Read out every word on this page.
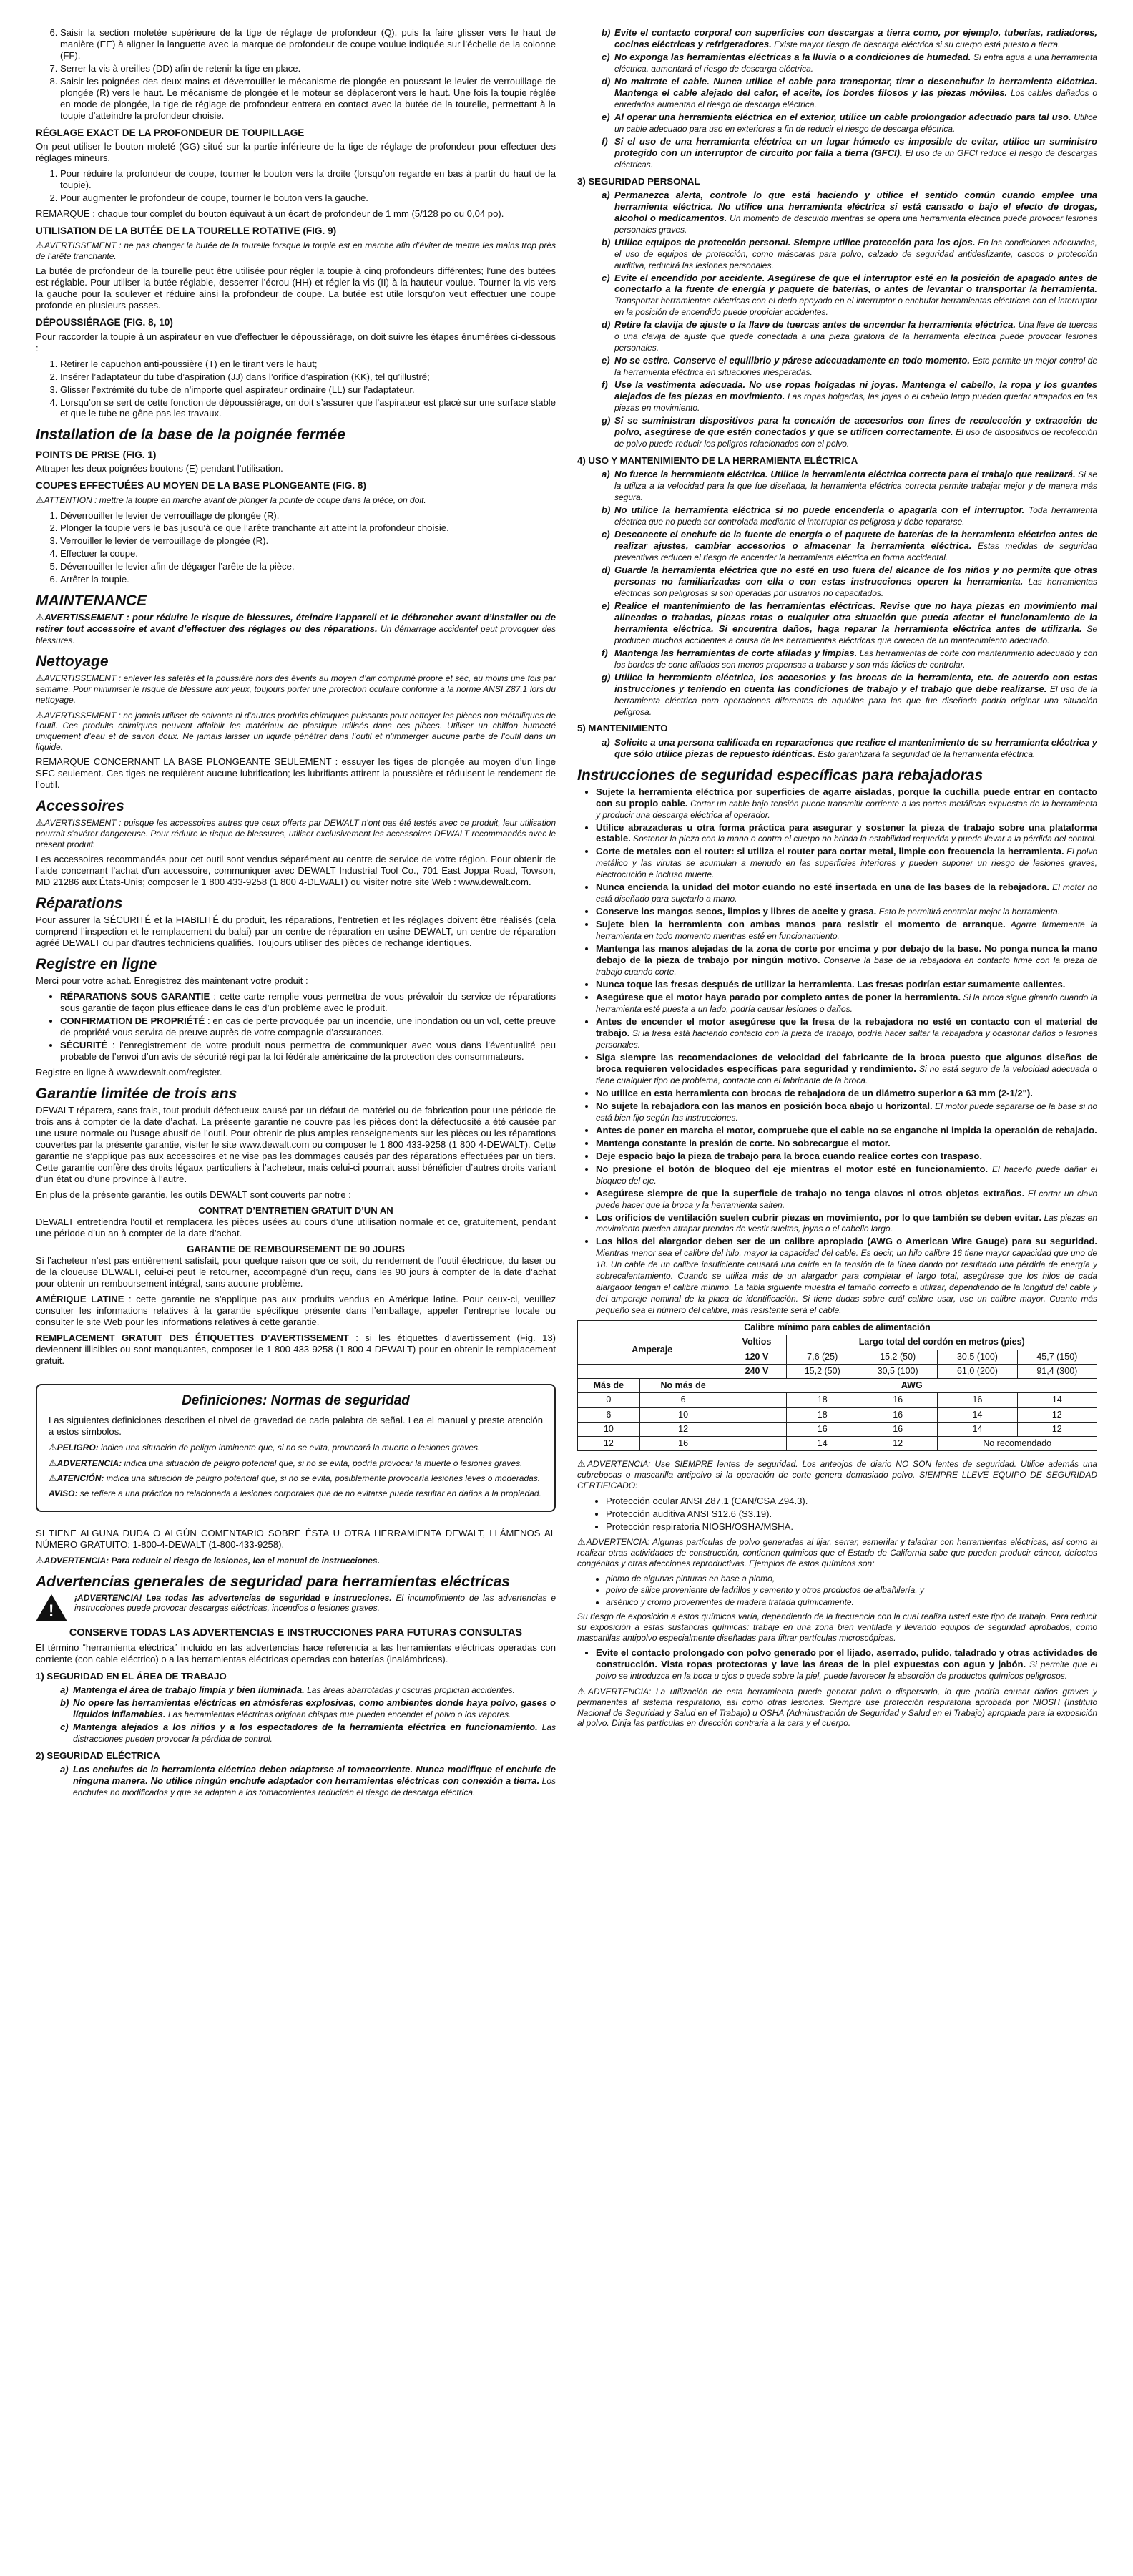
6. Saisir la section moletée supérieure de la tige de réglage de profondeur (Q), puis la faire glisser vers le haut de manière (EE) à aligner la languette avec la marque de profondeur de coupe voulue indiquée sur l’échelle de la colonne (FF).
7. Serrer la vis à oreilles (DD) afin de retenir la tige en place.
8. Saisir les poignées des deux mains et déverrouiller le mécanisme de plongée en poussant le levier de verrouillage de plongée (R) vers le haut. Le mécanisme de plongée et le moteur se déplaceront vers le haut. Une fois la toupie réglée en mode de plongée, la tige de réglage de profondeur entrera en contact avec la butée de la tourelle, permettant à la toupie d’atteindre la profondeur choisie.
RÉGLAGE EXACT DE LA PROFONDEUR DE TOUPILLAGE

On peut utiliser le bouton moleté (GG) situé sur la partie inférieure de la tige de réglage de profondeur pour effectuer des réglages mineurs.

1. Pour réduire la profondeur de coupe, tourner le bouton vers la droite (lorsqu’on regarde en bas à partir du haut de la toupie).
2. Pour augmenter le profondeur de coupe, tourner le bouton vers la gauche.

REMARQUE : chaque tour complet du bouton équivaut à un écart de profondeur de 1 mm (5/128 po ou 0,04 po).

UTILISATION DE LA BUTÉE DE LA TOURELLE ROTATIVE (FIG. 9)

⚠AVERTISSEMENT : ne pas changer la butée de la tourelle lorsque la toupie est en marche afin d’éviter de mettre les mains trop près de l’arête tranchante.

La butée de profondeur de la tourelle peut être utilisée pour régler la toupie à cinq profondeurs différentes; l’une des butées est réglable. Pour utiliser la butée réglable, desserrer l’écrou (HH) et régler la vis (II) à la hauteur voulue. Tourner la vis vers la gauche pour la soulever et réduire ainsi la profondeur de coupe. La butée est utile lorsqu’on veut effectuer une coupe profonde en plusieurs passes.

DÉPOUSSIÉRAGE (FIG. 8, 10)

Pour raccorder la toupie à un aspirateur en vue d’effectuer le dépoussiérage, on doit suivre les étapes énumérées ci-dessous :

1. Retirer le capuchon anti-poussière (T) en le tirant vers le haut;
2. Insérer l’adaptateur du tube d’aspiration (JJ) dans l’orifice d’aspiration (KK), tel qu’illustré;
3. Glisser l’extrémité du tube de n’importe quel aspirateur ordinaire (LL) sur l’adaptateur.
4. Lorsqu’on se sert de cette fonction de dépoussiérage, on doit s’assurer que l’aspirateur est placé sur une surface stable et que le tube ne gêne pas les travaux.
Installation de la base de la poignée fermée
POINTS DE PRISE (FIG. 1)

Attraper les deux poignées boutons (E) pendant l’utilisation.

COUPES EFFECTUÉES AU MOYEN DE LA BASE PLONGEANTE (FIG. 8)

⚠ATTENTION : mettre la toupie en marche avant de plonger la pointe de coupe dans la pièce, on doit.

1. Déverrouiller le levier de verrouillage de plongée (R).
2. Plonger la toupie vers le bas jusqu’à ce que l’arête tranchante ait atteint la profondeur choisie.
3. Verrouiller le levier de verrouillage de plongée (R).
4. Effectuer la coupe.
5. Déverrouiller le levier afin de dégager l’arête de la pièce.
6. Arrêter la toupie.
MAINTENANCE

⚠AVERTISSEMENT : pour réduire le risque de blessures, éteindre l’appareil et le débrancher avant d’installer ou de retirer tout accessoire et avant d’effectuer des réglages ou des réparations. Un démarrage accidentel peut provoquer des blessures.

Nettoyage

⚠AVERTISSEMENT : enlever les saletés et la poussière hors des évents au moyen d’air comprimé propre et sec, au moins une fois par semaine. Pour minimiser le risque de blessure aux yeux, toujours porter une protection oculaire conforme à la norme ANSI Z87.1 lors du nettoyage.

⚠AVERTISSEMENT : ne jamais utiliser de solvants ni d’autres produits chimiques puissants pour nettoyer les pièces non métalliques de l’outil. Ces produits chimiques peuvent affaiblir les matériaux de plastique utilisés dans ces pièces. Utiliser un chiffon humecté uniquement d’eau et de savon doux. Ne jamais laisser un liquide pénétrer dans l’outil et n’immerger aucune partie de l’outil dans un liquide.

REMARQUE CONCERNANT LA BASE PLONGEANTE SEULEMENT : essuyer les tiges de plongée au moyen d’un linge SEC seulement. Ces tiges ne requièrent aucune lubrification; les lubrifiants attirent la poussière et réduisent le rendement de l’outil.

Accessoires

⚠AVERTISSEMENT : puisque les accessoires autres que ceux offerts par DEWALT n’ont pas été testés avec ce produit, leur utilisation pourrait s’avérer dangereuse. Pour réduire le risque de blessures, utiliser exclusivement les accessoires DEWALT recommandés avec le présent produit.

Les accessoires recommandés pour cet outil sont vendus séparément au centre de service de votre région. Pour obtenir de l’aide concernant l’achat d’un accessoire, communiquer avec DEWALT Industrial Tool Co., 701 East Joppa Road, Towson, MD 21286 aux États-Unis; composer le 1 800 433-9258 (1 800 4-DEWALT) ou visiter notre site Web : www.dewalt.com.

Réparations

Pour assurer la SÉCURITÉ et la FIABILITÉ du produit, les réparations, l’entretien et les réglages doivent être réalisés (cela comprend l’inspection et le remplacement du balai) par un centre de réparation en usine DEWALT, un centre de réparation agréé DEWALT ou par d’autres techniciens qualifiés. Toujours utiliser des pièces de rechange identiques.

Registre en ligne

Merci pour votre achat. Enregistrez dès maintenant votre produit :

• RÉPARATIONS SOUS GARANTIE : cette carte remplie vous permettra de vous prévaloir du service de réparations sous garantie de façon plus efficace dans le cas d’un problème avec le produit.
• CONFIRMATION DE PROPRIÉTÉ : en cas de perte provoquée par un incendie, une inondation ou un vol, cette preuve de propriété vous servira de preuve auprès de votre compagnie d’assurances.
• SÉCURITÉ : l’enregistrement de votre produit nous permettra de communiquer avec vous dans l’éventualité peu probable de l’envoi d’un avis de sécurité régi par la loi fédérale américaine de la protection des consommateurs.

Registre en ligne à www.dewalt.com/register.

Garantie limitée de trois ans

DEWALT réparera, sans frais, tout produit défectueux causé par un défaut de matériel ou de fabrication pour une période de trois ans à compter de la date d’achat. La présente garantie ne couvre pas les pièces dont la défectuosité a été causée par une usure normale ou l’usage abusif de l’outil. Pour obtenir de plus amples renseignements sur les pièces ou les réparations couvertes par la présente garantie, visiter le site www.dewalt.com ou composer le 1 800 433-9258 (1 800 4-DEWALT). Cette garantie ne s’applique pas aux accessoires et ne vise pas les dommages causés par des réparations effectuées par un tiers. Cette garantie confère des droits légaux particuliers à l’acheteur, mais celui-ci pourrait aussi bénéficier d’autres droits variant d’un état ou d’une province à l’autre.

En plus de la présente garantie, les outils DEWALT sont couverts par notre :

CONTRAT D’ENTRETIEN GRATUIT D’UN AN

DEWALT entretiendra l’outil et remplacera les pièces usées au cours d’une utilisation normale et ce, gratuitement, pendant une période d’un an à compter de la date d’achat.

GARANTIE DE REMBOURSEMENT DE 90 JOURS

Si l’acheteur n’est pas entièrement satisfait, pour quelque raison que ce soit, du rendement de l’outil électrique, du laser ou de la cloueuse DEWALT, celui-ci peut le retourner, accompagné d’un reçu, dans les 90 jours à compter de la date d’achat pour obtenir un remboursement intégral, sans aucune problème.

AMÉRIQUE LATINE : cette garantie ne s’applique pas aux produits vendus en Amérique latine. Pour ceux-ci, veuillez consulter les informations relatives à la garantie spécifique présente dans l’emballage, appeler l’entreprise locale ou consulter le site Web pour les informations relatives à cette garantie.

REMPLACEMENT GRATUIT DES ÉTIQUETTES D’AVERTISSEMENT : si les étiquettes d’avertissement (Fig. 13) deviennent illisibles ou sont manquantes, composer le 1 800 433-9258 (1 800 4-DEWALT) pour en obtenir le remplacement gratuit.

Definiciones: Normas de seguridad

Las siguientes definiciones describen el nivel de gravedad de cada palabra de señal. Lea el manual y preste atención a estos símbolos.

⚠PELIGRO: indica una situación de peligro inminente que, si no se evita, provocará la muerte o lesiones graves.

⚠ADVERTENCIA: indica una situación de peligro potencial que, si no se evita, podría provocar la muerte o lesiones graves.

⚠ATENCIÓN: indica una situación de peligro potencial que, si no se evita, posiblemente provocaría lesiones leves o moderadas.

AVISO: se refiere a una práctica no relacionada a lesiones corporales que de no evitarse puede resultar en daños a la propiedad.

SI TIENE ALGUNA DUDA O ALGÚN COMENTARIO SOBRE ÉSTA U OTRA HERRAMIENTA DEWALT, LLÁMENOS AL NÚMERO GRATUITO: 1-800-4-DEWALT (1-800-433-9258).

⚠ADVERTENCIA: Para reducir el riesgo de lesiones, lea el manual de instrucciones.

Advertencias generales de seguridad para herramientas eléctricas
!

¡ADVERTENCIA! Lea todas las advertencias de seguridad e instrucciones. El incumplimiento de las advertencias e instrucciones puede provocar descargas eléctricas, incendios o lesiones graves.

CONSERVE TODAS LAS ADVERTENCIAS E INSTRUCCIONES PARA FUTURAS CONSULTAS

El término “herramienta eléctrica” incluido en las advertencias hace referencia a las herramientas eléctricas operadas con corriente (con cable eléctrico) o a las herramientas eléctricas operadas con baterías (inalámbricas).

1) SEGURIDAD EN EL ÁREA DE TRABAJO
a) Mantenga el área de trabajo limpia y bien iluminada. Las áreas abarrotadas y oscuras propician accidentes.
b) No opere las herramientas eléctricas en atmósferas explosivas, como ambientes donde haya polvo, gases o líquidos inflamables. Las herramientas eléctricas originan chispas que pueden encender el polvo o los vapores.
c) Mantenga alejados a los niños y a los espectadores de la herramienta eléctrica en funcionamiento. Las distracciones pueden provocar la pérdida de control.
2) SEGURIDAD ELÉCTRICA
a) Los enchufes de la herramienta eléctrica deben adaptarse al tomacorriente. Nunca modifique el enchufe de ninguna manera. No utilice ningún enchufe adaptador con herramientas eléctricas con conexión a tierra. Los enchufes no modificados y que se adaptan a los tomacorrientes reducirán el riesgo de descarga eléctrica.
b) Evite el contacto corporal con superficies con descargas a tierra como, por ejemplo, tuberías, radiadores, cocinas eléctricas y refrigeradores. Existe mayor riesgo de descarga eléctrica si su cuerpo está puesto a tierra.
c) No exponga las herramientas eléctricas a la lluvia o a condiciones de humedad. Si entra agua a una herramienta eléctrica, aumentará el riesgo de descarga eléctrica.
d) No maltrate el cable. Nunca utilice el cable para transportar, tirar o desenchufar la herramienta eléctrica. Mantenga el cable alejado del calor, el aceite, los bordes filosos y las piezas móviles. Los cables dañados o enredados aumentan el riesgo de descarga eléctrica.
e) Al operar una herramienta eléctrica en el exterior, utilice un cable prolongador adecuado para tal uso. Utilice un cable adecuado para uso en exteriores a fin de reducir el riesgo de descarga eléctrica.
f) Si el uso de una herramienta eléctrica en un lugar húmedo es imposible de evitar, utilice un suministro protegido con un interruptor de circuito por falla a tierra (GFCI). El uso de un GFCI reduce el riesgo de descargas eléctricas.
3) SEGURIDAD PERSONAL
a) Permanezca alerta, controle lo que está haciendo y utilice el sentido común cuando emplee una herramienta eléctrica. No utilice una herramienta eléctrica si está cansado o bajo el efecto de drogas, alcohol o medicamentos. Un momento de descuido mientras se opera una herramienta eléctrica puede provocar lesiones personales graves.
b) Utilice equipos de protección personal. Siempre utilice protección para los ojos. En las condiciones adecuadas, el uso de equipos de protección, como máscaras para polvo, calzado de seguridad antideslizante, cascos o protección auditiva, reducirá las lesiones personales.
c) Evite el encendido por accidente. Asegúrese de que el interruptor esté en la posición de apagado antes de conectarlo a la fuente de energía y paquete de baterías, o antes de levantar o transportar la herramienta. Transportar herramientas eléctricas con el dedo apoyado en el interruptor o enchufar herramientas eléctricas con el interruptor en la posición de encendido puede propiciar accidentes.
d) Retire la clavija de ajuste o la llave de tuercas antes de encender la herramienta eléctrica. Una llave de tuercas o una clavija de ajuste que quede conectada a una pieza giratoria de la herramienta eléctrica puede provocar lesiones personales.
e) No se estire. Conserve el equilibrio y párese adecuadamente en todo momento. Esto permite un mejor control de la herramienta eléctrica en situaciones inesperadas.
f) Use la vestimenta adecuada. No use ropas holgadas ni joyas. Mantenga el cabello, la ropa y los guantes alejados de las piezas en movimiento. Las ropas holgadas, las joyas o el cabello largo pueden quedar atrapados en las piezas en movimiento.
g) Si se suministran dispositivos para la conexión de accesorios con fines de recolección y extracción de polvo, asegúrese de que estén conectados y que se utilicen correctamente. El uso de dispositivos de recolección de polvo puede reducir los peligros relacionados con el polvo.
4) USO Y MANTENIMIENTO DE LA HERRAMIENTA ELÉCTRICA
a) No fuerce la herramienta eléctrica. Utilice la herramienta eléctrica correcta para el trabajo que realizará. Si se la utiliza a la velocidad para la que fue diseñada, la herramienta eléctrica correcta permite trabajar mejor y de manera más segura.
b) No utilice la herramienta eléctrica si no puede encenderla o apagarla con el interruptor. Toda herramienta eléctrica que no pueda ser controlada mediante el interruptor es peligrosa y debe repararse.
c) Desconecte el enchufe de la fuente de energía o el paquete de baterías de la herramienta eléctrica antes de realizar ajustes, cambiar accesorios o almacenar la herramienta eléctrica. Estas medidas de seguridad preventivas reducen el riesgo de encender la herramienta eléctrica en forma accidental.
d) Guarde la herramienta eléctrica que no esté en uso fuera del alcance de los niños y no permita que otras personas no familiarizadas con ella o con estas instrucciones operen la herramienta. Las herramientas eléctricas son peligrosas si son operadas por usuarios no capacitados.
e) Realice el mantenimiento de las herramientas eléctricas. Revise que no haya piezas en movimiento mal alineadas o trabadas, piezas rotas o cualquier otra situación que pueda afectar el funcionamiento de la herramienta eléctrica. Si encuentra daños, haga reparar la herramienta eléctrica antes de utilizarla. Se producen muchos accidentes a causa de las herramientas eléctricas que carecen de un mantenimiento adecuado.
f) Mantenga las herramientas de corte afiladas y limpias. Las herramientas de corte con mantenimiento adecuado y con los bordes de corte afilados son menos propensas a trabarse y son más fáciles de controlar.
g) Utilice la herramienta eléctrica, los accesorios y las brocas de la herramienta, etc. de acuerdo con estas instrucciones y teniendo en cuenta las condiciones de trabajo y el trabajo que debe realizarse. El uso de la herramienta eléctrica para operaciones diferentes de aquéllas para las que fue diseñada podría originar una situación peligrosa.
5) MANTENIMIENTO
a) Solicite a una persona calificada en reparaciones que realice el mantenimiento de su herramienta eléctrica y que sólo utilice piezas de repuesto idénticas. Esto garantizará la seguridad de la herramienta eléctrica.
Instrucciones de seguridad específicas para rebajadoras
• Sujete la herramienta eléctrica por superficies de agarre aisladas, porque la cuchilla puede entrar en contacto con su propio cable. Cortar un cable bajo tensión puede transmitir corriente a las partes metálicas expuestas de la herramienta y producir una descarga eléctrica al operador.
• Utilice abrazaderas u otra forma práctica para asegurar y sostener la pieza de trabajo sobre una plataforma estable. Sostener la pieza con la mano o contra el cuerpo no brinda la estabilidad requerida y puede llevar a la pérdida del control.
• Corte de metales con el router: si utiliza el router para cortar metal, limpie con frecuencia la herramienta. El polvo metálico y las virutas se acumulan a menudo en las superficies interiores y pueden suponer un riesgo de lesiones graves, electrocución e incluso muerte.
• Nunca encienda la unidad del motor cuando no esté insertada en una de las bases de la rebajadora. El motor no está diseñado para sujetarlo a mano.
• Conserve los mangos secos, limpios y libres de aceite y grasa. Esto le permitirá controlar mejor la herramienta.
• Sujete bien la herramienta con ambas manos para resistir el momento de arranque. Agarre firmemente la herramienta en todo momento mientras esté en funcionamiento.
• Mantenga las manos alejadas de la zona de corte por encima y por debajo de la base. No ponga nunca la mano debajo de la pieza de trabajo por ningún motivo. Conserve la base de la rebajadora en contacto firme con la pieza de trabajo cuando corte.
• Nunca toque las fresas después de utilizar la herramienta. Las fresas podrían estar sumamente calientes.
• Asegúrese que el motor haya parado por completo antes de poner la herramienta. Si la broca sigue girando cuando la herramienta esté puesta a un lado, podría causar lesiones o daños.
• Antes de encender el motor asegúrese que la fresa de la rebajadora no esté en contacto con el material de trabajo. Si la fresa está haciendo contacto con la pieza de trabajo, podría hacer saltar la rebajadora y ocasionar daños o lesiones personales.
• Siga siempre las recomendaciones de velocidad del fabricante de la broca puesto que algunos diseños de broca requieren velocidades específicas para seguridad y rendimiento. Si no está seguro de la velocidad adecuada o tiene cualquier tipo de problema, contacte con el fabricante de la broca.
• No utilice en esta herramienta con brocas de rebajadora de un diámetro superior a 63 mm (2-1/2").
• No sujete la rebajadora con las manos en posición boca abajo u horizontal. El motor puede separarse de la base si no está bien fijo según las instrucciones.
• Antes de poner en marcha el motor, compruebe que el cable no se enganche ni impida la operación de rebajado.
• Mantenga constante la presión de corte. No sobrecargue el motor.
• Deje espacio bajo la pieza de trabajo para la broca cuando realice cortes con traspaso.
• No presione el botón de bloqueo del eje mientras el motor esté en funcionamiento. El hacerlo puede dañar el bloqueo del eje.
• Asegúrese siempre de que la superficie de trabajo no tenga clavos ni otros objetos extraños. El cortar un clavo puede hacer que la broca y la herramienta salten.
• Los orificios de ventilación suelen cubrir piezas en movimiento, por lo que también se deben evitar. Las piezas en movimiento pueden atrapar prendas de vestir sueltas, joyas o el cabello largo.
• Los hilos del alargador deben ser de un calibre apropiado (AWG o American Wire Gauge) para su seguridad. Mientras menor sea el calibre del hilo, mayor la capacidad del cable. Es decir, un hilo calibre 16 tiene mayor capacidad que uno de 18. Un cable de un calibre insuficiente causará una caída en la tensión de la línea dando por resultado una pérdida de energía y sobrecalentamiento. Cuando se utiliza más de un alargador para completar el largo total, asegúrese que los hilos de cada alargador tengan el calibre mínimo. La tabla siguiente muestra el tamaño correcto a utilizar, dependiendo de la longitud del cable y del amperaje nominal de la placa de identificación. Si tiene dudas sobre cuál calibre usar, use un calibre mayor. Cuanto más pequeño sea el número del calibre, más resistente será el cable.
Calibre mínimo para cables de alimentación						
Amperaje		Voltios	Largo total del cordón en metros (pies)			
		120 V	7,6 (25)	15,2 (50)	30,5 (100)	45,7 (150)
		240 V	15,2 (50)	30,5 (100)	61,0 (200)	91,4 (300)
Más de	No más de	AWG				
0	6		18	16	16	14
6	10		18	16	14	12
10	12		16	16	14	12
12	16		14	12	No recomendado	

⚠ADVERTENCIA: Use SIEMPRE lentes de seguridad. Los anteojos de diario NO SON lentes de seguridad. Utilice además una cubrebocas o mascarilla antipolvo si la operación de corte genera demasiado polvo. SIEMPRE LLEVE EQUIPO DE SEGURIDAD CERTIFICADO:

• Protección ocular ANSI Z87.1 (CAN/CSA Z94.3).
• Protección auditiva ANSI S12.6 (S3.19).
• Protección respiratoria NIOSH/OSHA/MSHA.

⚠ADVERTENCIA: Algunas partículas de polvo generadas al lijar, serrar, esmerilar y taladrar con herramientas eléctricas, así como al realizar otras actividades de construcción, contienen químicos que el Estado de California sabe que pueden producir cáncer, defectos congénitos y otras afecciones reproductivas. Ejemplos de estos químicos son:

• plomo de algunas pinturas en base a plomo,
• polvo de sílice proveniente de ladrillos y cemento y otros productos de albañilería, y
• arsénico y cromo provenientes de madera tratada químicamente.

Su riesgo de exposición a estos químicos varía, dependiendo de la frecuencia con la cual realiza usted este tipo de trabajo. Para reducir su exposición a estas sustancias químicas: trabaje en una zona bien ventilada y llevando equipos de seguridad aprobados, como mascarillas antipolvo especialmente diseñadas para filtrar partículas microscópicas.

• Evite el contacto prolongado con polvo generado por el lijado, aserrado, pulido, taladrado y otras actividades de construcción. Vista ropas protectoras y lave las áreas de la piel expuestas con agua y jabón. Si permite que el polvo se introduzca en la boca u ojos o quede sobre la piel, puede favorecer la absorción de productos químicos peligrosos.

⚠ADVERTENCIA: La utilización de esta herramienta puede generar polvo o dispersarlo, lo que podría causar daños graves y permanentes al sistema respiratorio, así como otras lesiones. Siempre use protección respiratoria aprobada por NIOSH (Instituto Nacional de Seguridad y Salud en el Trabajo) u OSHA (Administración de Seguridad y Salud en el Trabajo) apropiada para la exposición al polvo. Dirija las partículas en dirección contraria a la cara y el cuerpo.
